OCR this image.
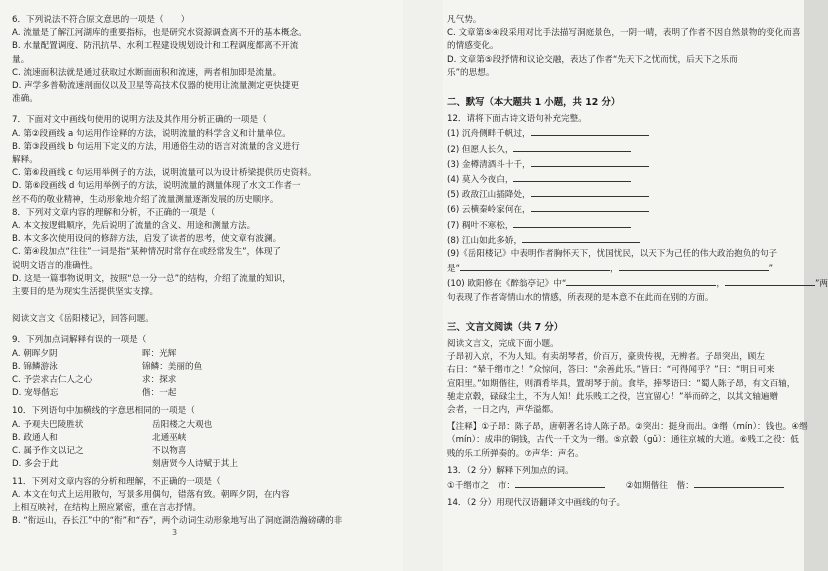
6．下列说法不符合原文意思的一项是（　　）
A. 流量是了解江河湖库的重要指标，也是研究水资源调查离不开的基本概念。
B. 水量配置调度、防汛抗旱、水利工程建设规划设计和工程调度都离不开流
量。
C. 流速面积法就是通过获取过水断面面积和流速，两者相加即是流量。
D. 声学多普勒流速剖面仪以及卫星等高技术仪器的使用让流量测定更快捷更
准确。
7．下面对文中画线句使用的说明方法及其作用分析正确的一项是（
A. 第②段画线 a 句运用作诠释的方法，说明流量的科学含义和计量单位。
B. 第③段画线 b 句运用下定义的方法，用通俗生动的语言对流量的含义进行
解释。
C. 第⑥段画线 c 句运用举例子的方法，说明流量可以为设计桥梁提供历史资料。
D. 第⑥段画线 d 句运用举例子的方法，说明流量的测量体现了水文工作者一
丝不苟的敬业精神，生动形象地介绍了流量测量逐渐发展的历史顺序。
8．下列对文章内容的理解和分析，不正确的一项是（
A. 本文按逻辑顺序，先后说明了流量的含义、用途和测量方法。
B. 本文多次使用设问的修辞方法，启发了读者的思考，使文章有波澜。
C. 第④段加点“往往”一词是指“某种情况时常存在或经常发生”，体现了
说明文语言的准确性。
D. 这是一篇事物说明文，按照“总一分一总”的结构，介绍了流量的知识，
主要目的是为现实生活提供坚实支撑。
阅读文言文《岳阳楼记》，回答问题。
9．下列加点词解释有误的一项是（
A. 朝晖夕阴	晖：光辉
B. 锦鳞游泳	锦鳞：美丽的鱼
C. 予尝求古仁人之心	求：探求
D. 宠辱偕忘	偕：一起
10．下列语句中加横线的字意思相同的一项是（
A. 予观夫巴陵胜状	岳阳楼之大观也
B. 政通人和	北通巫峡
C. 属予作文以记之	不以物喜
D. 多会于此	刻唐贤今人诗赋于其上
11．下列对文章内容的分析和理解，不正确的一项是（
A. 本文在句式上运用散句，写景多用偶句，错落有致。朝晖夕阴，在内容
上相互映衬，在结构上照应紧密，重在言志抒情。
B. “衔远山，吞长江”中的“衔”和“吞”，两个动词生动形象地写出了洞庭湖浩瀚磅礴的非
3
凡气势。
C. 文章第⑤④段采用对比手法描写洞庭景色，一阴一晴，表明了作者不因自然景物的变化而喜
的情感变化。
D. 文章第⑤段抒情和议论交融，表达了作者“先天下之忧而忧，后天下之乐而
乐”的思想。
二、默写（本大题共 1 小题，共 12 分）
12．请将下面古诗文语句补充完整。
(1) 沉舟侧畔千帆过，
(2) 但愿人长久，
(3) 金樽清酒斗十千，
(4) 莫入今夜白，
(5) 政敌江山插降处，
(6) 云横秦岭家何在，
(7) 稠叶不寒松，
(8) 江山如此多娇，
(9)《岳阳楼记》中表明作者胸怀天下，忧国忧民，以天下为己任的伟大政治抱负的句子
是“	，	”
(10) 欧阳修在《醉翁亭记》中“	，	”两
句表现了作者寄情山水的情感，所表现的是本意不在此而在别的方面。
三、文言文阅读（共 7 分）
阅读文言文，完成下面小题。
子昂初入京，不为人知。有卖胡琴者，价百万，豪贵传视，无辨者。子昂突出，顾左
右日：“辇千缗市之！”众惊问，答曰：“余善此乐。”皆曰：“可得闻乎？”曰：“明日可来
宣阳里。”如期偕往，则酒肴毕具，置胡琴于前。食毕，捧琴语曰：“蜀人陈子昂，有文百轴，
驰走京毂，碌碌尘土，不为人知！此乐贱工之役，岂宜留心！”举而碎之，以其文轴遍赠
会者，一日之内，声华溢都。
【注释】①子昂：陈子昂，唐朝著名诗人陈子昂。②突出：挺身而出。③缗（mín）：钱也。④缗
（mín）：成串的铜钱，古代一千文为一缗。⑤京毂（gǔ）：通往京城的大道。⑥贱工之役：低
贱的乐工所弹奏的。⑦声华：声名。
13．（2 分）解释下列加点的词。
①千缗市之 市：	②如期偕往 偕：
14．（2 分）用现代汉语翻译文中画线的句子。
